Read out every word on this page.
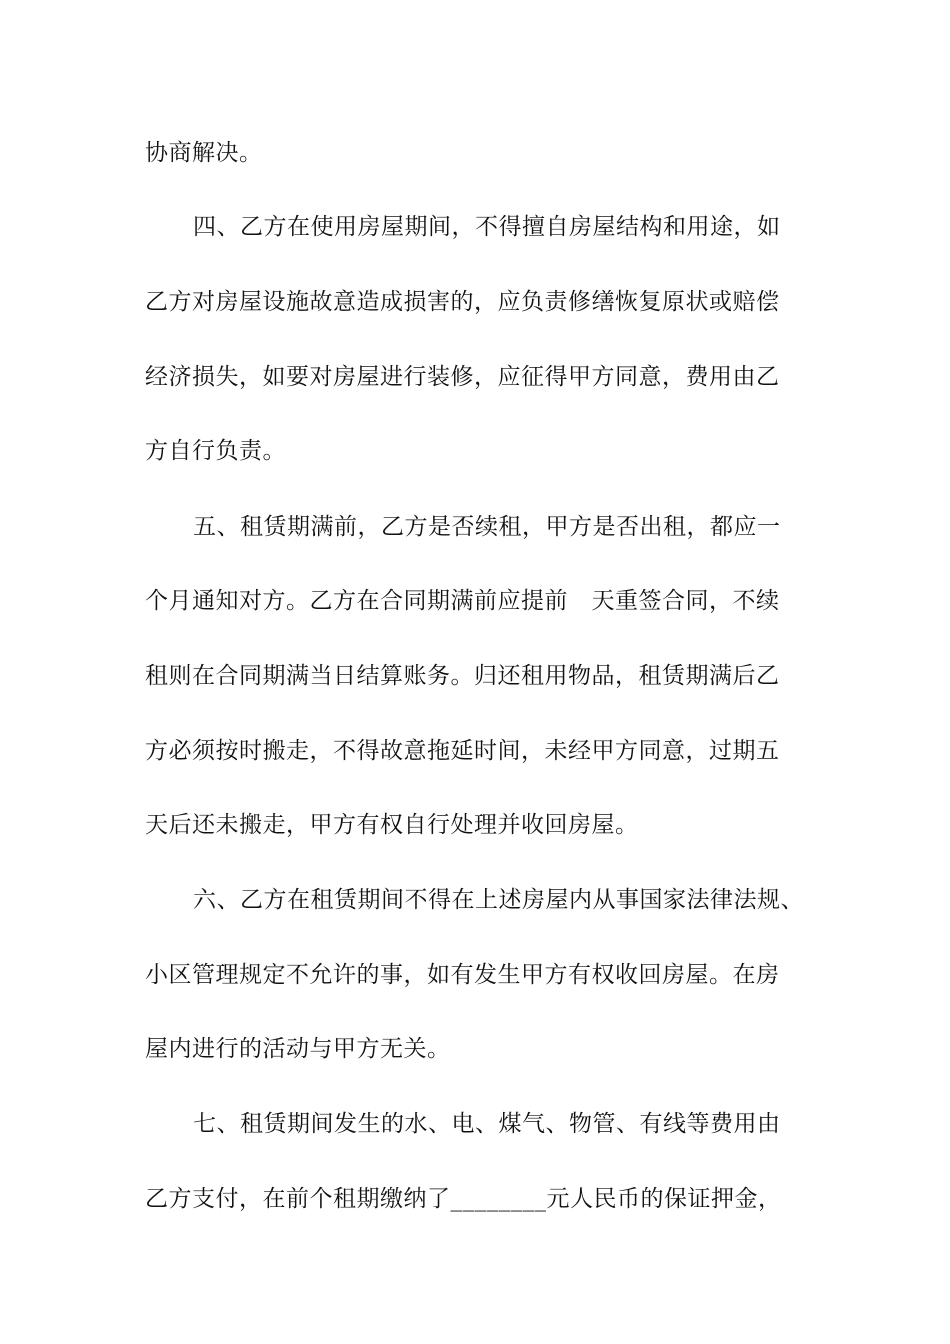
协商解决。
四、乙方在使用房屋期间，不得擅自房屋结构和用途，如
乙方对房屋设施故意造成损害的，应负责修缮恢复原状或赔偿
经济损失，如要对房屋进行装修，应征得甲方同意，费用由乙
方自行负责。
五、租赁期满前，乙方是否续租，甲方是否出租，都应一
个月通知对方。乙方在合同期满前应提前　天重签合同，不续
租则在合同期满当日结算账务。归还租用物品，租赁期满后乙
方必须按时搬走，不得故意拖延时间，未经甲方同意，过期五
天后还未搬走，甲方有权自行处理并收回房屋。
六、乙方在租赁期间不得在上述房屋内从事国家法律法规、
小区管理规定不允许的事，如有发生甲方有权收回房屋。在房
屋内进行的活动与甲方无关。
七、租赁期间发生的水、电、煤气、物管、有线等费用由
乙方支付，在前个租期缴纳了________元人民币的保证押金，
